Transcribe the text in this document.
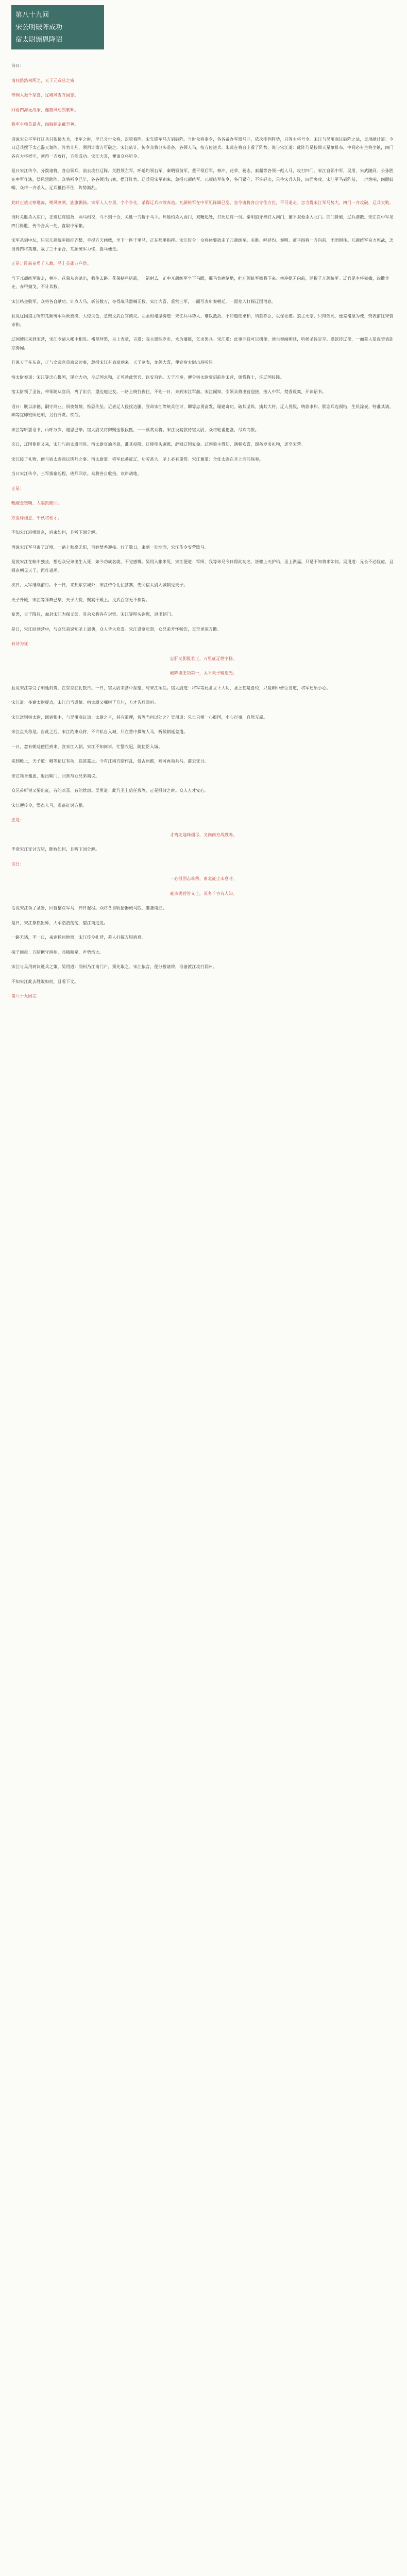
第八十九回
宋公明破阵成功
宿太尉颁恩降诏

诗曰：

请问浩浩何所之，天子元戎总之威

帝阙大振千家喜，辽城风雪万国悲。

回看四海无战争，旌旗风动凯歌辉。

将军主帅英雄者，四海朝宗戴至尊。

话说宋公平军打辽兵只依傍大兵，出军之时，早已分付众将，次第看阵。宋先锋军马方到破阵。当时众将奉令，各各备办军器马匹，依次排列阵势，只等主将号令。宋江与吴用商议破阵之法，吴用献计道：今日辽兵摆下太乙混天象阵，阵势非凡，须用计策方可破之。宋江依计，传令众将分头准备，各领人马，按方位进兵。朱武在将台上看了阵势，说与宋江道：此阵乃是按周天星象排布，中间必有主将坐镇，四门各有大将把守，须得一齐攻打，方能成功。宋江大喜，便请众将听令。

是日宋江传令，分拨诸将，各自领兵，前去攻打辽阵。关胜领左军，呼延灼领右军，秦明领前军，董平领后军，林冲、花荣、杨志、索超等各领一彪人马，攻打四门。宋江自领中军，吴用、朱武随同。公孙胜在中军作法，祭风雷助阵。众将听令已毕，各各领兵出寨，摆开阵势。辽兵见宋军到来，急报兀颜统军。兀颜统军传令，各门紧守，不许轻出，只待宋兵入阵，四面夹攻。宋江军马到阵前，一声炮响，四面鼓噪，众将一齐杀入。辽兵抵挡不住，阵势渐乱。

此时正值天寒地冻，朔风凛冽，旌旗飘扬。宋军人人奋勇，个个争先，杀得辽兵四散奔逃。兀颜统军在中军见阵脚已乱，急令诸将各自守住方位，不可退走。怎当得宋江军马势大，四门一齐攻破，辽兵大败。

当时关胜杀入东门，正遇辽将迎敌，两马相交，斗不到十合，关胜一刀斩于马下。呼延灼杀入西门，双鞭起处，打死辽将一员。秦明狼牙棒打入南门，董平双枪杀入北门。四门皆破，辽兵溃散。宋江在中军见四门得胜，传令合兵一处，直取中军帐。

宋军杀到中坛，只见兀颜统军披挂齐整，手提方天画戟，坐下一匹千里马，正在那里指挥。宋江传令：众将休要放走了兀颜统军。关胜、呼延灼、秦明、董平四将一齐向前，团团围住。兀颜统军奋力死战，怎当得四将英雄，战了三十余合，兀颜统军力怯，拨马便走。

正是：阵前奋勇千人敌，马上英雄万户侯。

当下兀颜统军败走，林冲、花荣从旁杀出，截住去路。花荣拈弓搭箭，一箭射去，正中兀颜统军坐下马眼，那马负痛倒地，把兀颜统军掀将下来。林冲挺矛向前，活捉了兀颜统军。辽兵见主将被擒，四散奔走，弃甲抛戈，不计其数。

宋江鸣金收军，众将各自献功。计点人马，斩首数万，夺得战马器械无数。宋江大喜，重赏三军，一面写表申奏朝廷，一面差人打探辽国消息。

且说辽国狼主听知兀颜统军兵败被擒，大惊失色，急聚文武百官商议。左丞相褚坚奏道：宋江兵马势大，难以抵敌，不如遣使求和，纳款称臣，以保社稷。狼主无奈，只得依允，便差褚坚为使，赍表前往宋营求和。

辽国使臣来到宋营，宋江令请入帐中相见。褚坚拜罢，呈上表章，言道：我主愿纳岁币，永为藩属，乞求罢兵。宋江道：此事非我可以擅便，须当奏闻朝廷，听候圣旨定夺。遂款待辽使，一面差人星夜赍表赴京奏闻。

且说天子在东京，正与文武官员商议边事，忽报宋江有表章到来。天子览表，龙颜大喜，便宣宿太尉出班听旨。

宿太尉奏道：宋江等忠心报国，屡立大功，今辽国求和，正可趁此罢兵，以安百姓。天子准奏，便令宿太尉赍诏前往宋营，颁赏将士，许辽国投降。

宿太尉领了圣旨，带领随从官员，离了东京，望边庭进发。一路上晓行夜住，不则一日，来到宋江军前。宋江闻知，引领众将出营迎接，接入中军，焚香设案，开读诏书。

诏曰：朕以凉德，嗣守鸿业，夙夜兢兢，惟恐失坠。近者辽人侵扰边疆，朕命宋江等统兵征讨，卿等忠勇奋发，屡建奇功，破其坚阵，擒其大将，辽人畏服，纳款求和。朕念兵连祸结，生民涂炭，特准其请。卿等宜即班师还朝，另行升赏。钦哉。

宋江等听罢诏书，山呼万岁，谢恩已毕。宿太尉又将御赐金银段匹，一一颁赏众将。宋江设宴款待宿太尉，众将轮番把盏，尽欢而散。

次日，辽国使臣又来，宋江与宿太尉同见。宿太尉宣谕圣意，准其投降，辽使叩头谢恩，辞回辽国复命。辽国狼主得知，满朝欢喜，即备岁币礼物，送至宋营。

宋江接了礼物，便与宿太尉商议班师之事。宿太尉道：将军此番征辽，功劳甚大，圣上必有重赏。宋江谢道：全仗太尉在圣上面前保奏。

当日宋江传令，三军拔寨起程，班师回京。众将各自收拾，欢声动地。

正是：

鞭敲金镫响，人唱凯歌回。

万里烽烟息，千秋将相才。

不知宋江班师回京，后来如何，且听下回分解。

再说宋江军马离了辽境，一路上秋毫无犯，百姓焚香迎接。行了数日，来到一处地面，宋江传令安营歇马。

是夜宋江在帐中独坐，想起众兄弟出生入死，如今功成名就，不觉感慨。吴用入帐来见，宋江便道：军师，我等弟兄今日得此功名，皆赖上天护佑，圣上洪福。只是不知将来如何。吴用道：兄长不必忧虑，且回京朝见天子，再作道理。

次日，大军继续前行。不一日，来到东京城外，宋江传令扎住营寨，先同宿太尉入城朝见天子。

天子升殿，宋江等拜舞已毕，天子大悦，赐宴于殿上。文武百官无不称贺。

宴罢，天子降旨，加封宋江为保义郎，其余众将各有封赏。宋江等叩头谢恩，退出朝门。

是日，宋江回到营中，与众兄弟说知圣上恩典，众人皆大欢喜。宋江设宴庆贺，众兄弟开怀畅饮，直至更深方散。

有诗为证：

忠肝义胆报君王，万里征辽姓字扬。

破阵擒王功第一，太平天子赐恩光。

且说宋江等受了朝廷封赏，在东京驻扎数日。一日，宿太尉来营中探望，与宋江闲话。宿太尉道：将军等此番立下大功，圣上甚是喜悦，只是朝中奸臣当道，将军还须小心。

宋江道：多谢太尉提点，宋江自当谨慎。宿太尉又嘱咐了几句，方才告辞回府。

宋江送别宿太尉，回到帐中，与吴用商议道：太尉之言，甚有道理，我等当何以处之？吴用道：兄长只须一心报国，小心行事，自然无虞。

宋江点头称是。自此之后，宋江约束众将，不许私自入城，只在营中操练人马，听候朝廷差遣。

一日，忽有朝廷使臣到来，宣宋江入朝。宋江不知何事，忙整衣冠，随使臣入城。

来到殿上，天子道：卿等征辽有功，朕甚嘉之。今有江南方腊作乱，侵占州郡，卿可再领兵马，前去征讨。

宋江领旨谢恩，退出朝门，回营与众兄弟商议。

众兄弟听说又要出征，有的欢喜，有的忧虑。吴用道：此乃圣上信任我等，正是报效之时。众人方才安心。

宋江便传令，整点人马，准备征讨方腊。

正是：

才离北地烽烟尽，又向南方战鼓鸣。

毕竟宋江征讨方腊，胜败如何，且听下回分解。

诗曰：

一心报国志难移，南北征尘未息时。

豪杰满营皆义士，英名千古有人知。

话说宋江领了圣旨，回营整点军马，择日起程。众将各自收拾器械马匹，准备南征。

是日，宋江祭旗出师，大军浩浩荡荡，望江南进发。

一路无话，不一日，来到扬州地面，宋江传令扎营，差人打探方腊消息。

探子回报：方腊据守润州，兵精粮足，声势浩大。

宋江与吴用商议进兵之策，吴用道：润州乃江南门户，须先取之。宋江依言，便分拨诸将，准备渡江攻打润州。

不知宋江此去胜败如何，且看下文。

第八十九回完
